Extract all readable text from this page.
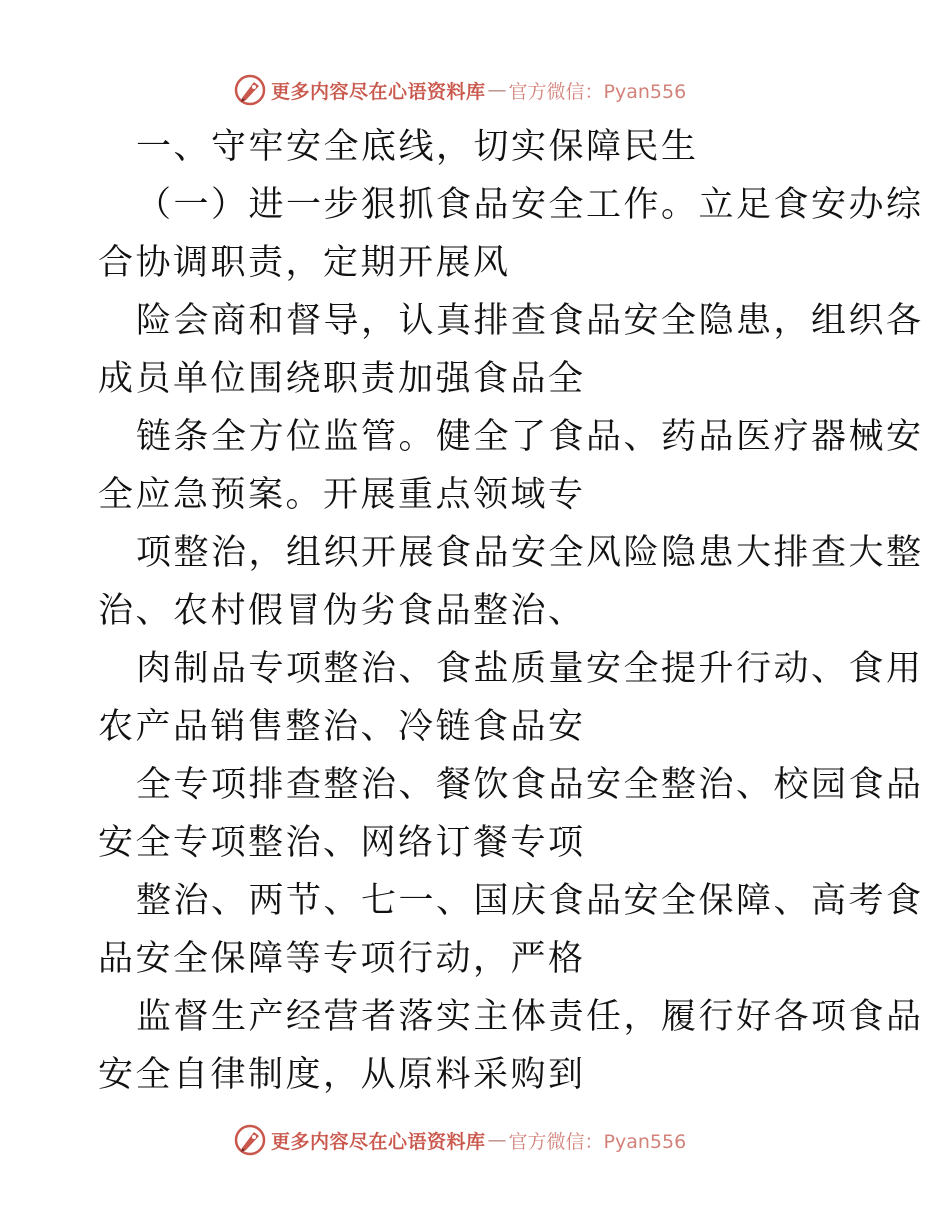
更多内容尽在心语资料库 — 官方微信：Pyan556
一、守牢安全底线，切实保障民生
（一）进一步狠抓食品安全工作。立足食安办综
合协调职责，定期开展风
险会商和督导，认真排查食品安全隐患，组织各
成员单位围绕职责加强食品全
链条全方位监管。健全了食品、药品医疗器械安
全应急预案。开展重点领域专
项整治，组织开展食品安全风险隐患大排查大整
治、农村假冒伪劣食品整治、
肉制品专项整治、食盐质量安全提升行动、食用
农产品销售整治、冷链食品安
全专项排查整治、餐饮食品安全整治、校园食品
安全专项整治、网络订餐专项
整治、两节、七一、国庆食品安全保障、高考食
品安全保障等专项行动，严格
监督生产经营者落实主体责任，履行好各项食品
安全自律制度，从原料采购到
更多内容尽在心语资料库 — 官方微信：Pyan556
